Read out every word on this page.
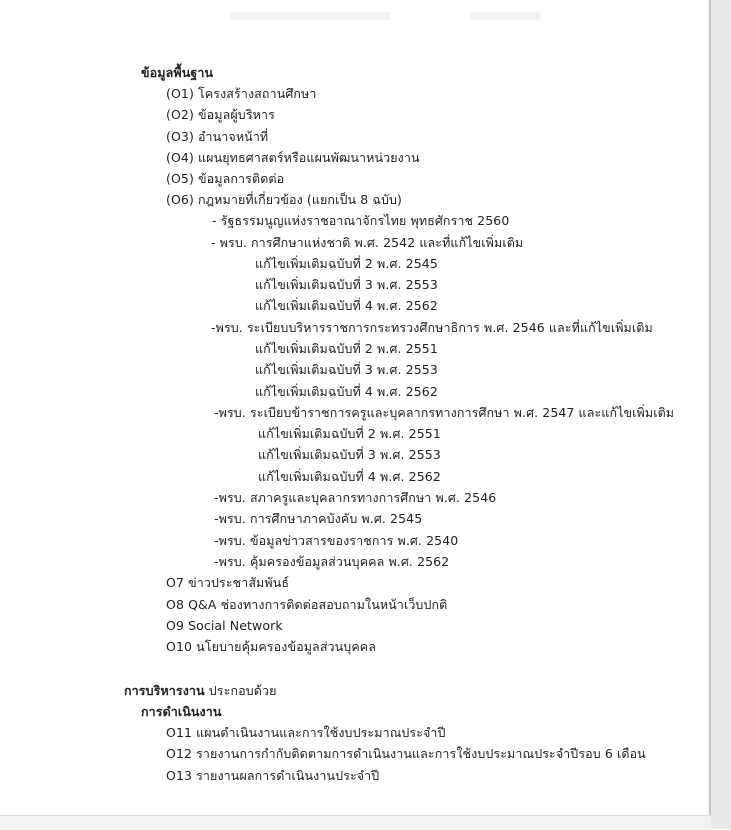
ข้อมูลพื้นฐาน
(O1) โครงสร้างสถานศึกษา
(O2) ข้อมูลผู้บริหาร
(O3) อำนาจหน้าที่
(O4) แผนยุทธศาสตร์หรือแผนพัฒนาหน่วยงาน
(O5) ข้อมูลการติดต่อ
(O6) กฎหมายที่เกี่ยวข้อง (แยกเป็น 8 ฉบับ)
- รัฐธรรมนูญแห่งราชอาณาจักรไทย พุทธศักราช 2560
- พรบ. การศึกษาแห่งชาติ พ.ศ. 2542 และที่แก้ไขเพิ่มเติม
แก้ไขเพิ่มเติมฉบับที่ 2 พ.ศ. 2545
แก้ไขเพิ่มเติมฉบับที่ 3 พ.ศ. 2553
แก้ไขเพิ่มเติมฉบับที่ 4 พ.ศ. 2562
-พรบ. ระเบียบบริหารราชการกระทรวงศึกษาธิการ พ.ศ. 2546 และที่แก้ไขเพิ่มเติม
แก้ไขเพิ่มเติมฉบับที่ 2 พ.ศ. 2551
แก้ไขเพิ่มเติมฉบับที่ 3 พ.ศ. 2553
แก้ไขเพิ่มเติมฉบับที่ 4 พ.ศ. 2562
-พรบ. ระเบียบข้าราชการครูและบุคลากรทางการศึกษา พ.ศ. 2547 และแก้ไขเพิ่มเติม
แก้ไขเพิ่มเติมฉบับที่ 2 พ.ศ. 2551
แก้ไขเพิ่มเติมฉบับที่ 3 พ.ศ. 2553
แก้ไขเพิ่มเติมฉบับที่ 4 พ.ศ. 2562
-พรบ. สภาครูและบุคลากรทางการศึกษา พ.ศ. 2546
-พรบ. การศึกษาภาคบังคับ พ.ศ. 2545
-พรบ. ข้อมูลข่าวสารของราชการ พ.ศ. 2540
-พรบ. คุ้มครองข้อมูลส่วนบุคคล พ.ศ. 2562
O7 ข่าวประชาสัมพันธ์
O8 Q&A ช่องทางการติดต่อสอบถามในหน้าเว็บปกติ
O9 Social Network
O10 นโยบายคุ้มครองข้อมูลส่วนบุคคล
การบริหารงาน ประกอบด้วย
การดำเนินงาน
O11 แผนดำเนินงานและการใช้งบประมาณประจำปี
O12 รายงานการกำกับติดตามการดำเนินงานและการใช้งบประมาณประจำปีรอบ 6 เดือน
O13 รายงานผลการดำเนินงานประจำปี
